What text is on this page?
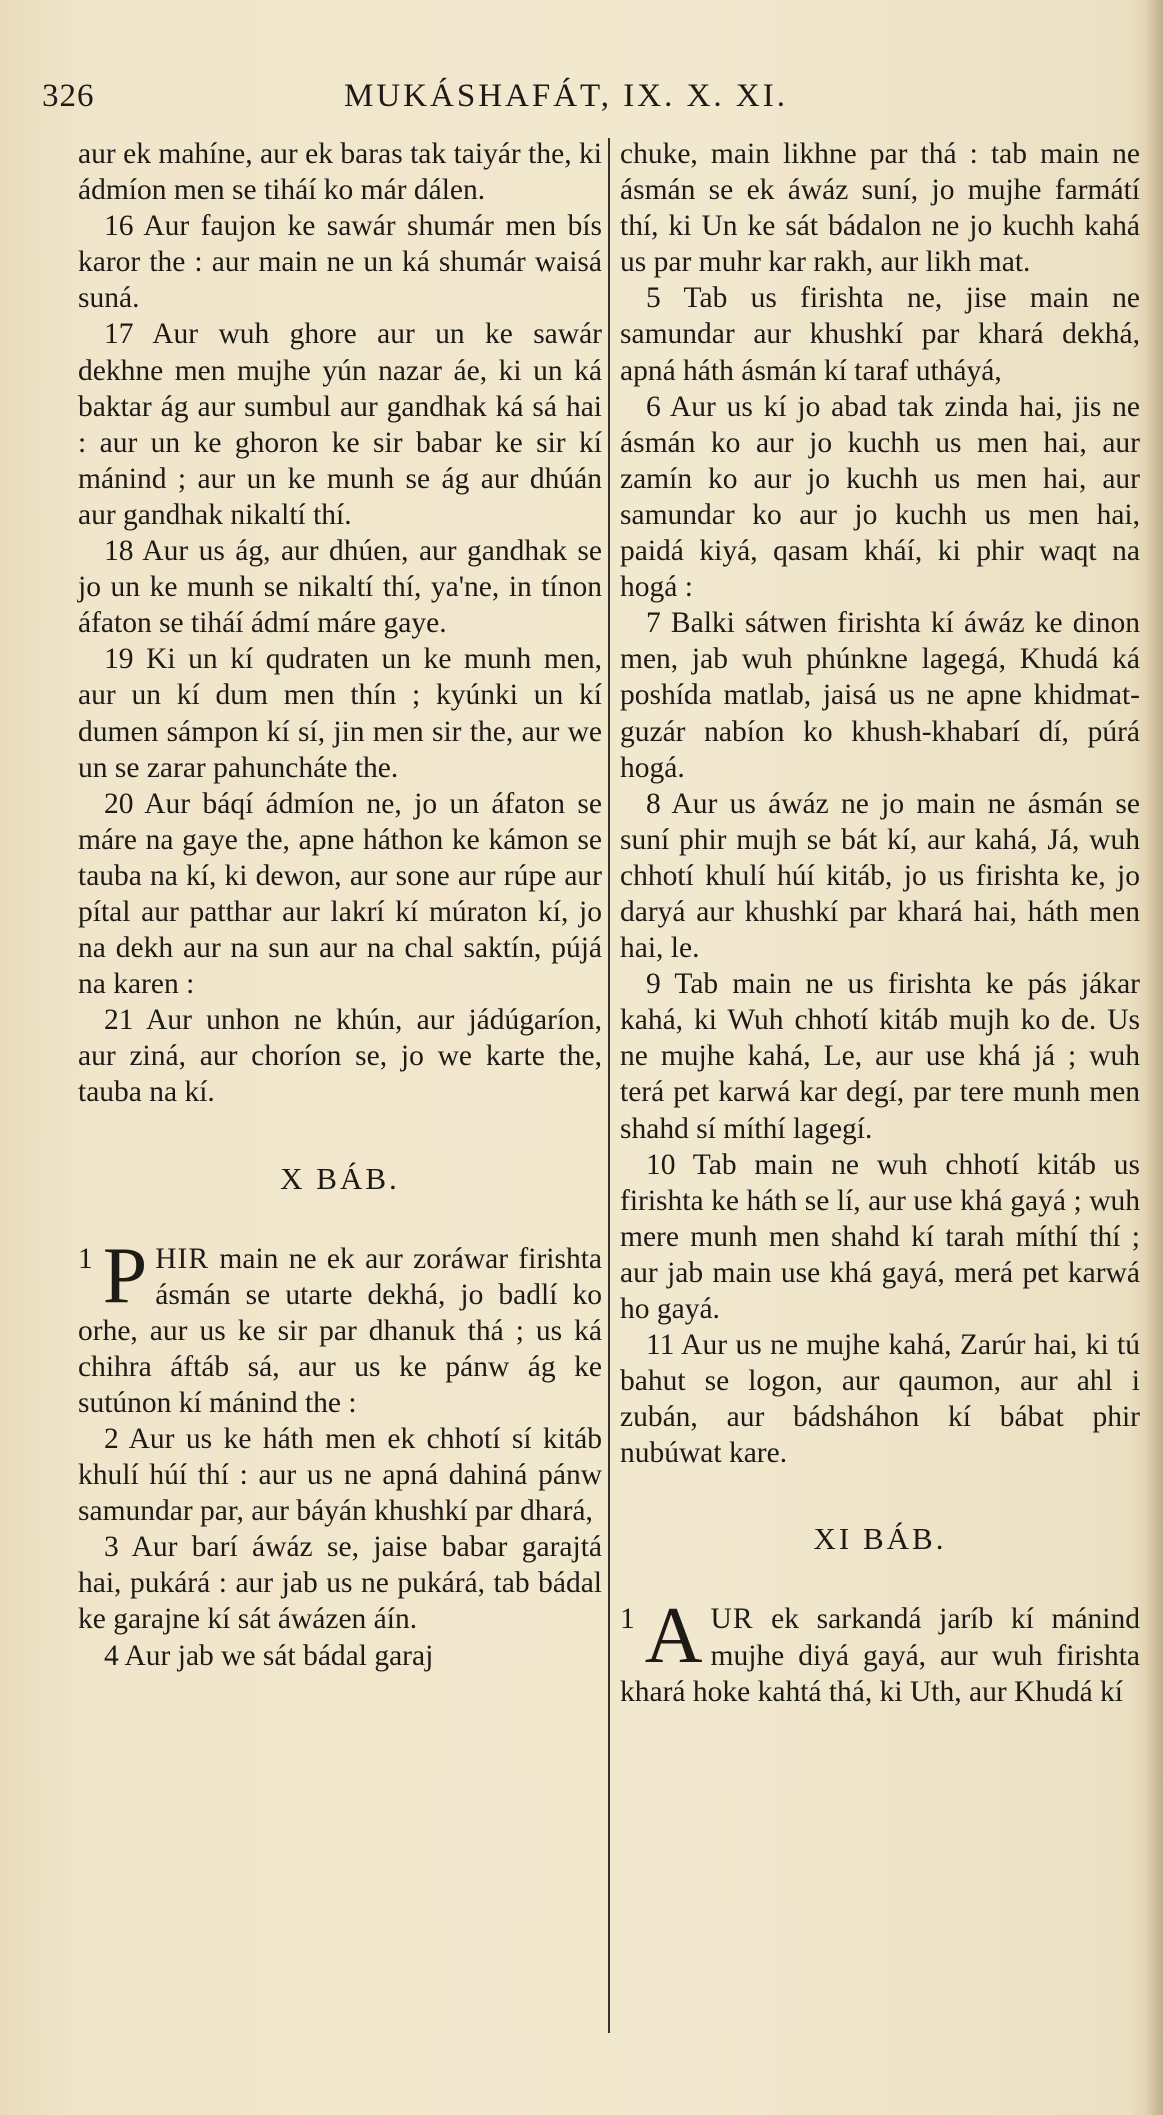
326	MUKÁSHAFÁT, IX. X. XI.

aur ek mahíne, aur ek baras tak taiyár the, ki ádmíon men se tiháí ko már dálen.

16 Aur faujon ke sawár shumár men bís karor the : aur main ne un ká shumár waisá suná.

17 Aur wuh ghore aur un ke sawár dekhne men mujhe yún nazar áe, ki un ká baktar ág aur sumbul aur gandhak ká sá hai : aur un ke ghoron ke sir babar ke sir kí mánind ; aur un ke munh se ág aur dhúán aur gandhak nikaltí thí.

18 Aur us ág, aur dhúen, aur gandhak se jo un ke munh se nikaltí thí, ya'ne, in tínon áfaton se tiháí ádmí máre gaye.

19 Ki un kí qudraten un ke munh men, aur un kí dum men thín ; kyúnki un kí dumen sámpon kí sí, jin men sir the, aur we un se zarar pahuncháte the.

20 Aur báqí ádmíon ne, jo un áfaton se máre na gaye the, apne háthon ke kámon se tauba na kí, ki dewon, aur sone aur rúpe aur pítal aur patthar aur lakrí kí múraton kí, jo na dekh aur na sun aur na chal saktín, pújá na karen :

21 Aur unhon ne khún, aur jádúgaríon, aur ziná, aur choríon se, jo we karte the, tauba na kí.

X BÁB.

1 P HIR main ne ek aur zoráwar firishta ásmán se utarte dekhá, jo badlí ko orhe, aur us ke sir par dhanuk thá ; us ká chihra áftáb sá, aur us ke pánw ág ke sutúnon kí mánind the :

2 Aur us ke háth men ek chhotí sí kitáb khulí húí thí : aur us ne apná dahiná pánw samundar par, aur báyán khushkí par dhará,

3 Aur barí áwáz se, jaise babar garajtá hai, pukárá : aur jab us ne pukárá, tab bádal ke garajne kí sát áwázen áín.

4 Aur jab we sát bádal garaj

chuke, main likhne par thá : tab main ne ásmán se ek áwáz suní, jo mujhe farmátí thí, ki Un ke sát bádalon ne jo kuchh kahá us par muhr kar rakh, aur likh mat.

5 Tab us firishta ne, jise main ne samundar aur khushkí par khará dekhá, apná háth ásmán kí taraf utháyá,

6 Aur us kí jo abad tak zinda hai, jis ne ásmán ko aur jo kuchh us men hai, aur zamín ko aur jo kuchh us men hai, aur samundar ko aur jo kuchh us men hai, paidá kiyá, qasam kháí, ki phir waqt na hogá :

7 Balki sátwen firishta kí áwáz ke dinon men, jab wuh phúnkne lagegá, Khudá ká poshída matlab, jaisá us ne apne khidmat-guzár nabíon ko khush-khabarí dí, púrá hogá.

8 Aur us áwáz ne jo main ne ásmán se suní phir mujh se bát kí, aur kahá, Já, wuh chhotí khulí húí kitáb, jo us firishta ke, jo daryá aur khushkí par khará hai, háth men hai, le.

9 Tab main ne us firishta ke pás jákar kahá, ki Wuh chhotí kitáb mujh ko de. Us ne mujhe kahá, Le, aur use khá já ; wuh terá pet karwá kar degí, par tere munh men shahd sí míthí lagegí.

10 Tab main ne wuh chhotí kitáb us firishta ke háth se lí, aur use khá gayá ; wuh mere munh men shahd kí tarah míthí thí ; aur jab main use khá gayá, merá pet karwá ho gayá.

11 Aur us ne mujhe kahá, Zarúr hai, ki tú bahut se logon, aur qaumon, aur ahl i zubán, aur bádsháhon kí bábat phir nubúwat kare.

XI BÁB.

1 A UR ek sarkandá jaríb kí mánind mujhe diyá gayá, aur wuh firishta khará hoke kahtá thá, ki Uth, aur Khudá kí
